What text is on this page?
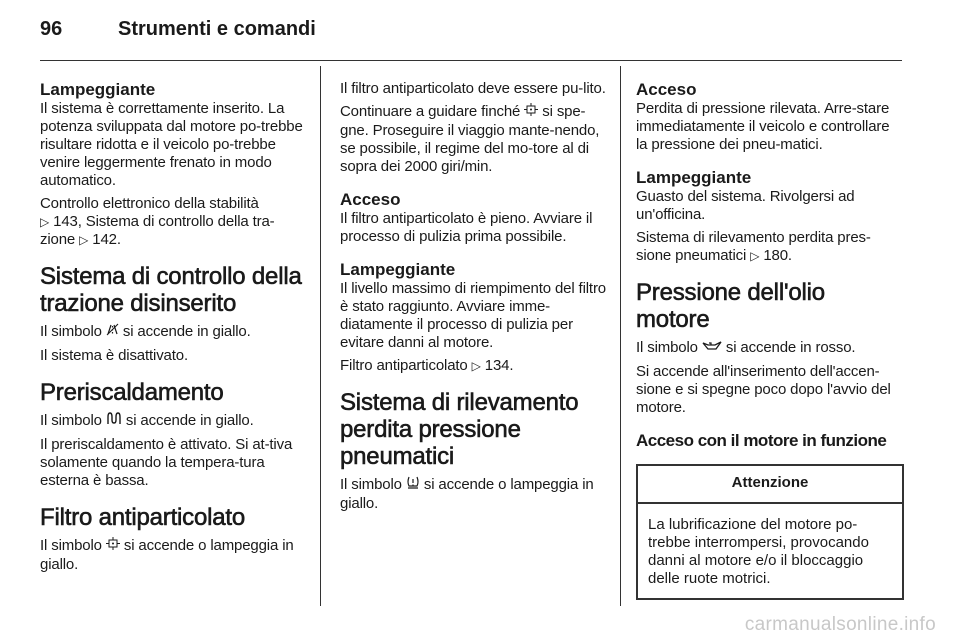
96	Strumenti e comandi
Lampeggiante
Il sistema è correttamente inserito. La potenza sviluppata dal motore po-trebbe risultare ridotta e il veicolo po-trebbe venire leggermente frenato in modo automatico.
Controllo elettronico della stabilità
▷ 143, Sistema di controllo della tra-zione ▷ 142.
Sistema di controllo della trazione disinserito
Il simbolo si accende in giallo.
Il sistema è disattivato.
Preriscaldamento
Il simbolo si accende in giallo.
Il preriscaldamento è attivato. Si at-tiva solamente quando la tempera-tura esterna è bassa.
Filtro antiparticolato
Il simbolo si accende o lampeggia in giallo.
Il filtro antiparticolato deve essere pu-lito.
Continuare a guidare finché si spe-gne. Proseguire il viaggio mante-nendo, se possibile, il regime del mo-tore al di sopra dei 2000 giri/min.
Acceso
Il filtro antiparticolato è pieno. Avviare il processo di pulizia prima possibile.
Lampeggiante
Il livello massimo di riempimento del filtro è stato raggiunto. Avviare imme-diatamente il processo di pulizia per evitare danni al motore.
Filtro antiparticolato ▷ 134.
Sistema di rilevamento perdita pressione pneumatici
Il simbolo si accende o lampeggia in giallo.
Acceso
Perdita di pressione rilevata. Arre-stare immediatamente il veicolo e controllare la pressione dei pneu-matici.
Lampeggiante
Guasto del sistema. Rivolgersi ad un'officina.
Sistema di rilevamento perdita pres-sione pneumatici ▷ 180.
Pressione dell'olio motore
Il simbolo si accende in rosso.
Si accende all'inserimento dell'accen-sione e si spegne poco dopo l'avvio del motore.
Acceso con il motore in funzione
Attenzione
La lubrificazione del motore po-trebbe interrompersi, provocando danni al motore e/o il bloccaggio delle ruote motrici.
carmanualsonline.info
